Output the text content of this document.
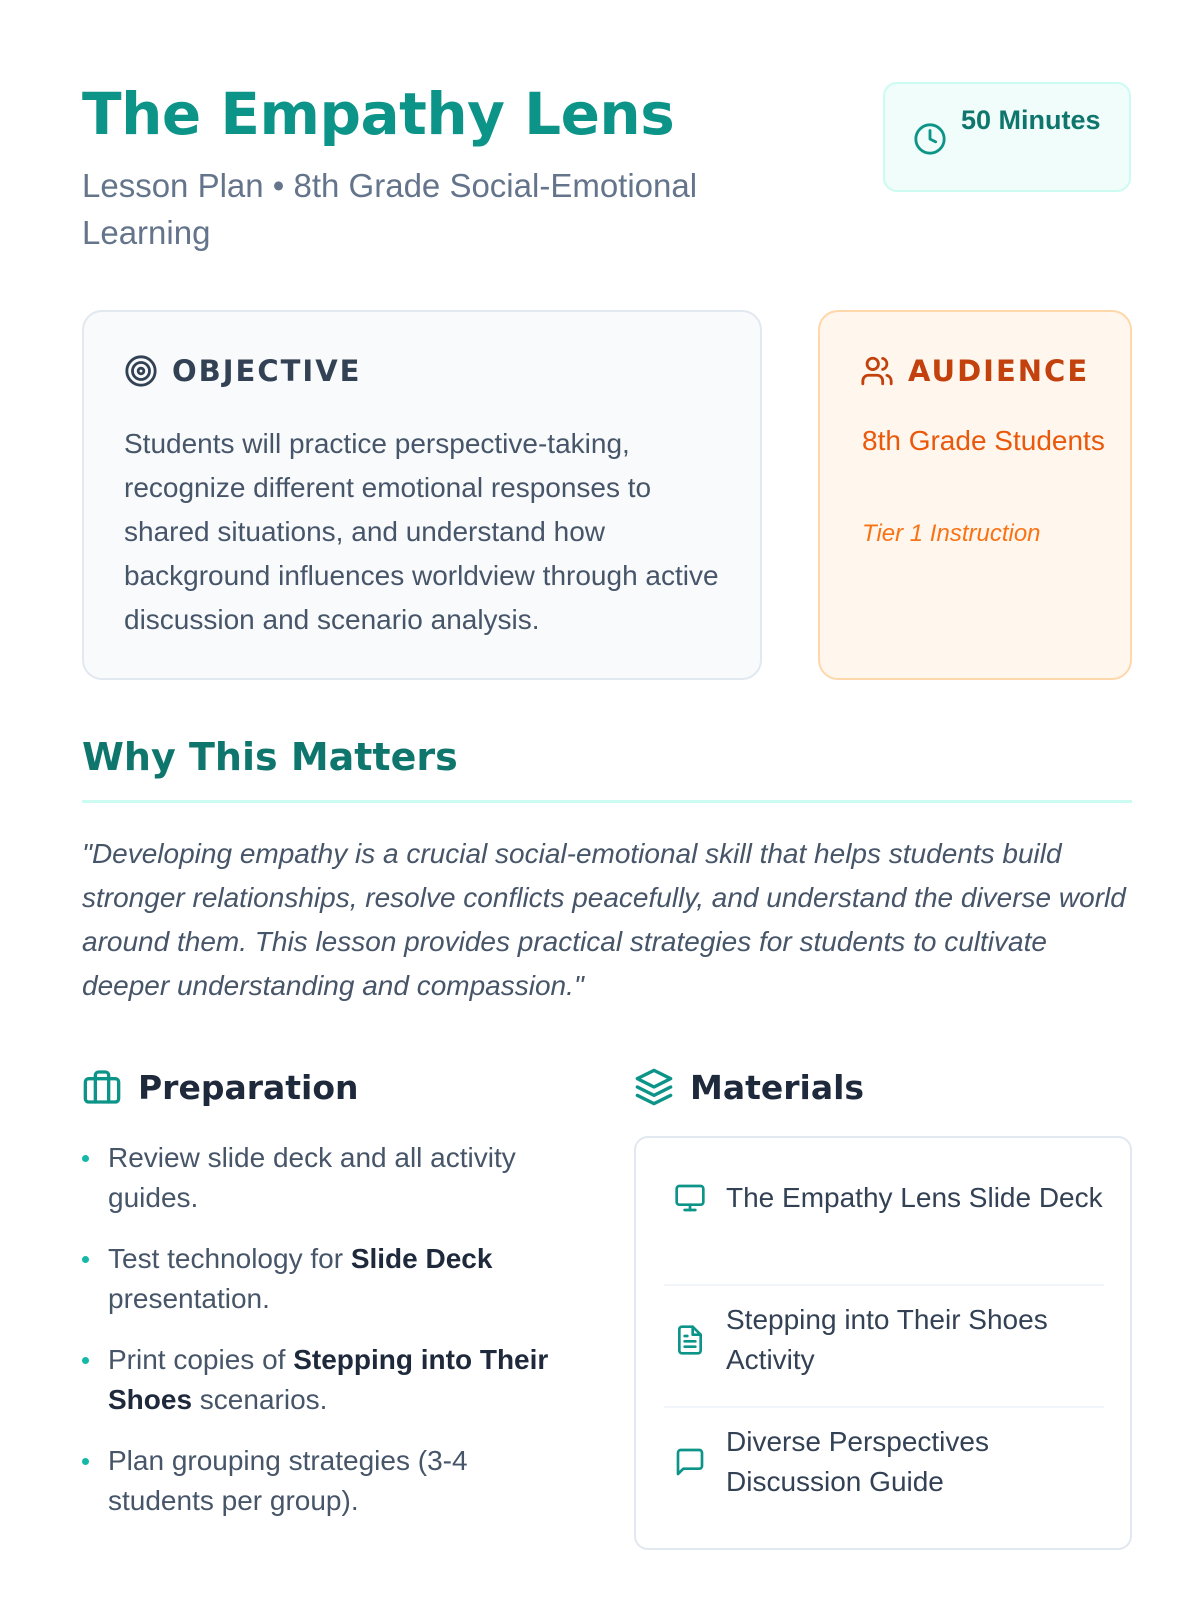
The Empathy Lens
Lesson Plan • 8th Grade Social-Emotional Learning
50 Minutes
OBJECTIVE

Students will practice perspective-taking, recognize different emotional responses to shared situations, and understand how background influences worldview through active discussion and scenario analysis.

AUDIENCE
8th Grade Students
Tier 1 Instruction
Why This Matters

"Developing empathy is a crucial social-emotional skill that helps students build stronger relationships, resolve conflicts peacefully, and understand the diverse world around them. This lesson provides practical strategies for students to cultivate deeper understanding and compassion."

Preparation
Review slide deck and all activity guides.
Test technology for Slide Deck presentation.
Print copies of Stepping into Their Shoes scenarios.
Plan grouping strategies (3-4 students per group).
Materials
The Empathy Lens Slide Deck
Stepping into Their Shoes Activity
Diverse Perspectives Discussion Guide
